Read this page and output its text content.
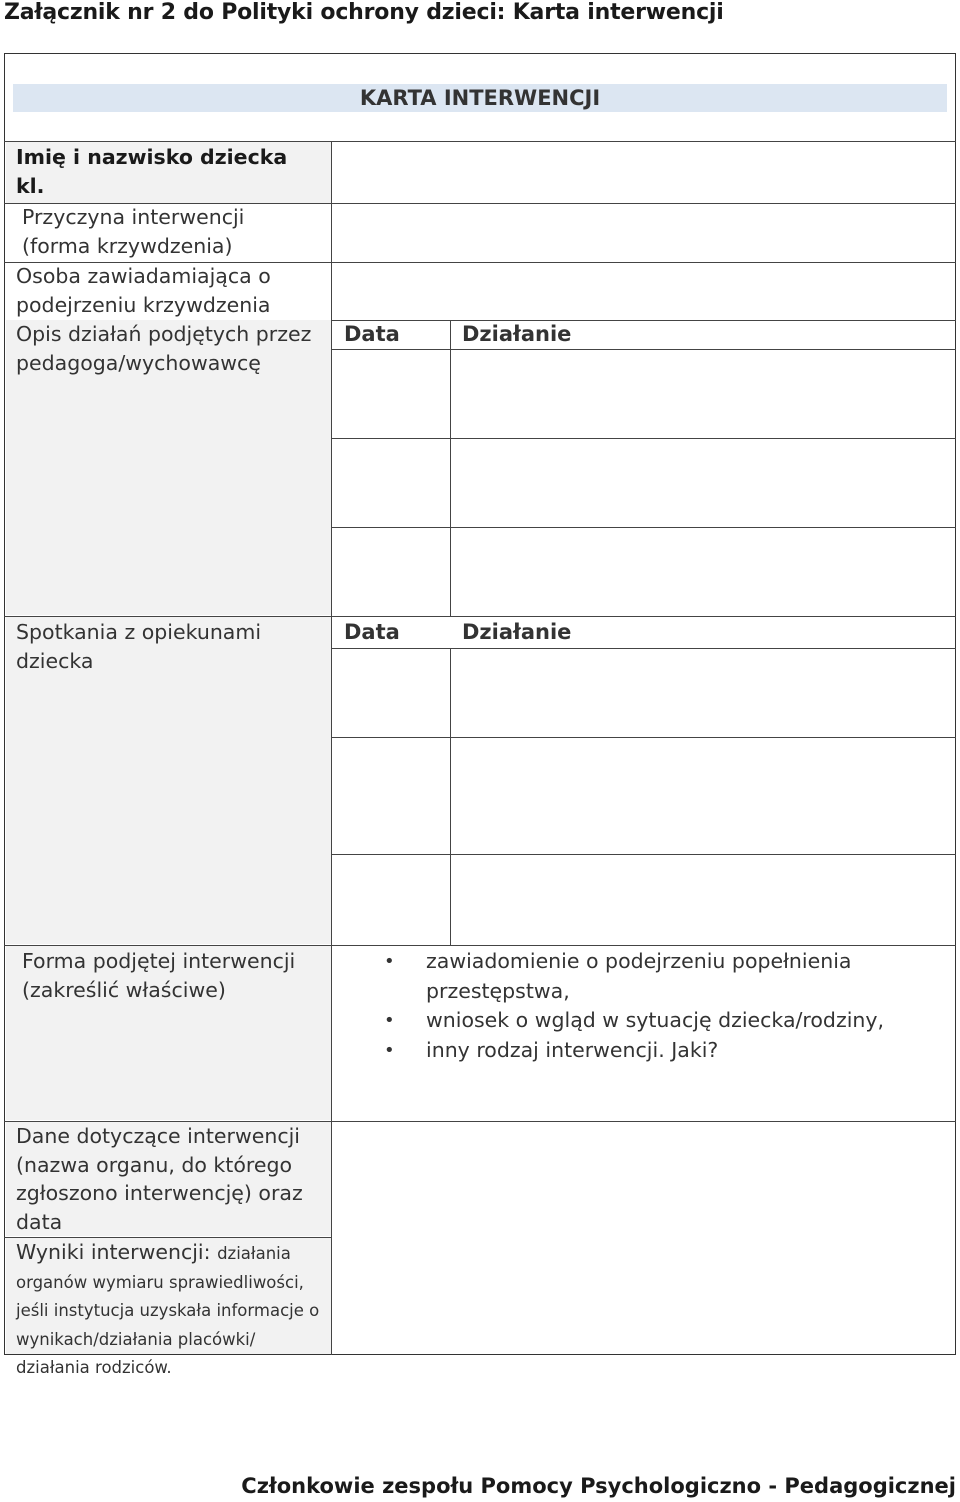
Załącznik nr 2 do Polityki ochrony dzieci: Karta interwencji
KARTA INTERWENCJI
Imię i nazwisko dziecka
kl.
Przyczyna interwencji (forma krzywdzenia)
Osoba zawiadamiająca o podejrzeniu krzywdzenia
Opis działań podjętych przez pedagoga/wychowawcę
Spotkania z opiekunami dziecka
Forma podjętej interwencji (zakreślić właściwe)
Dane dotyczące interwencji (nazwa organu, do którego zgłoszono interwencję) oraz data
Wyniki interwencji: działania organów wymiaru sprawiedliwości, jeśli instytucja uzyskała informacje o wynikach/działania placówki/ działania rodziców.
Data	Działanie
Data	Działanie
• zawiadomienie o podejrzeniu popełnienia przestępstwa,
• wniosek o wgląd w sytuację dziecka/rodziny,
• inny rodzaj interwencji. Jaki?
Członkowie zespołu Pomocy Psychologiczno - Pedagogicznej
